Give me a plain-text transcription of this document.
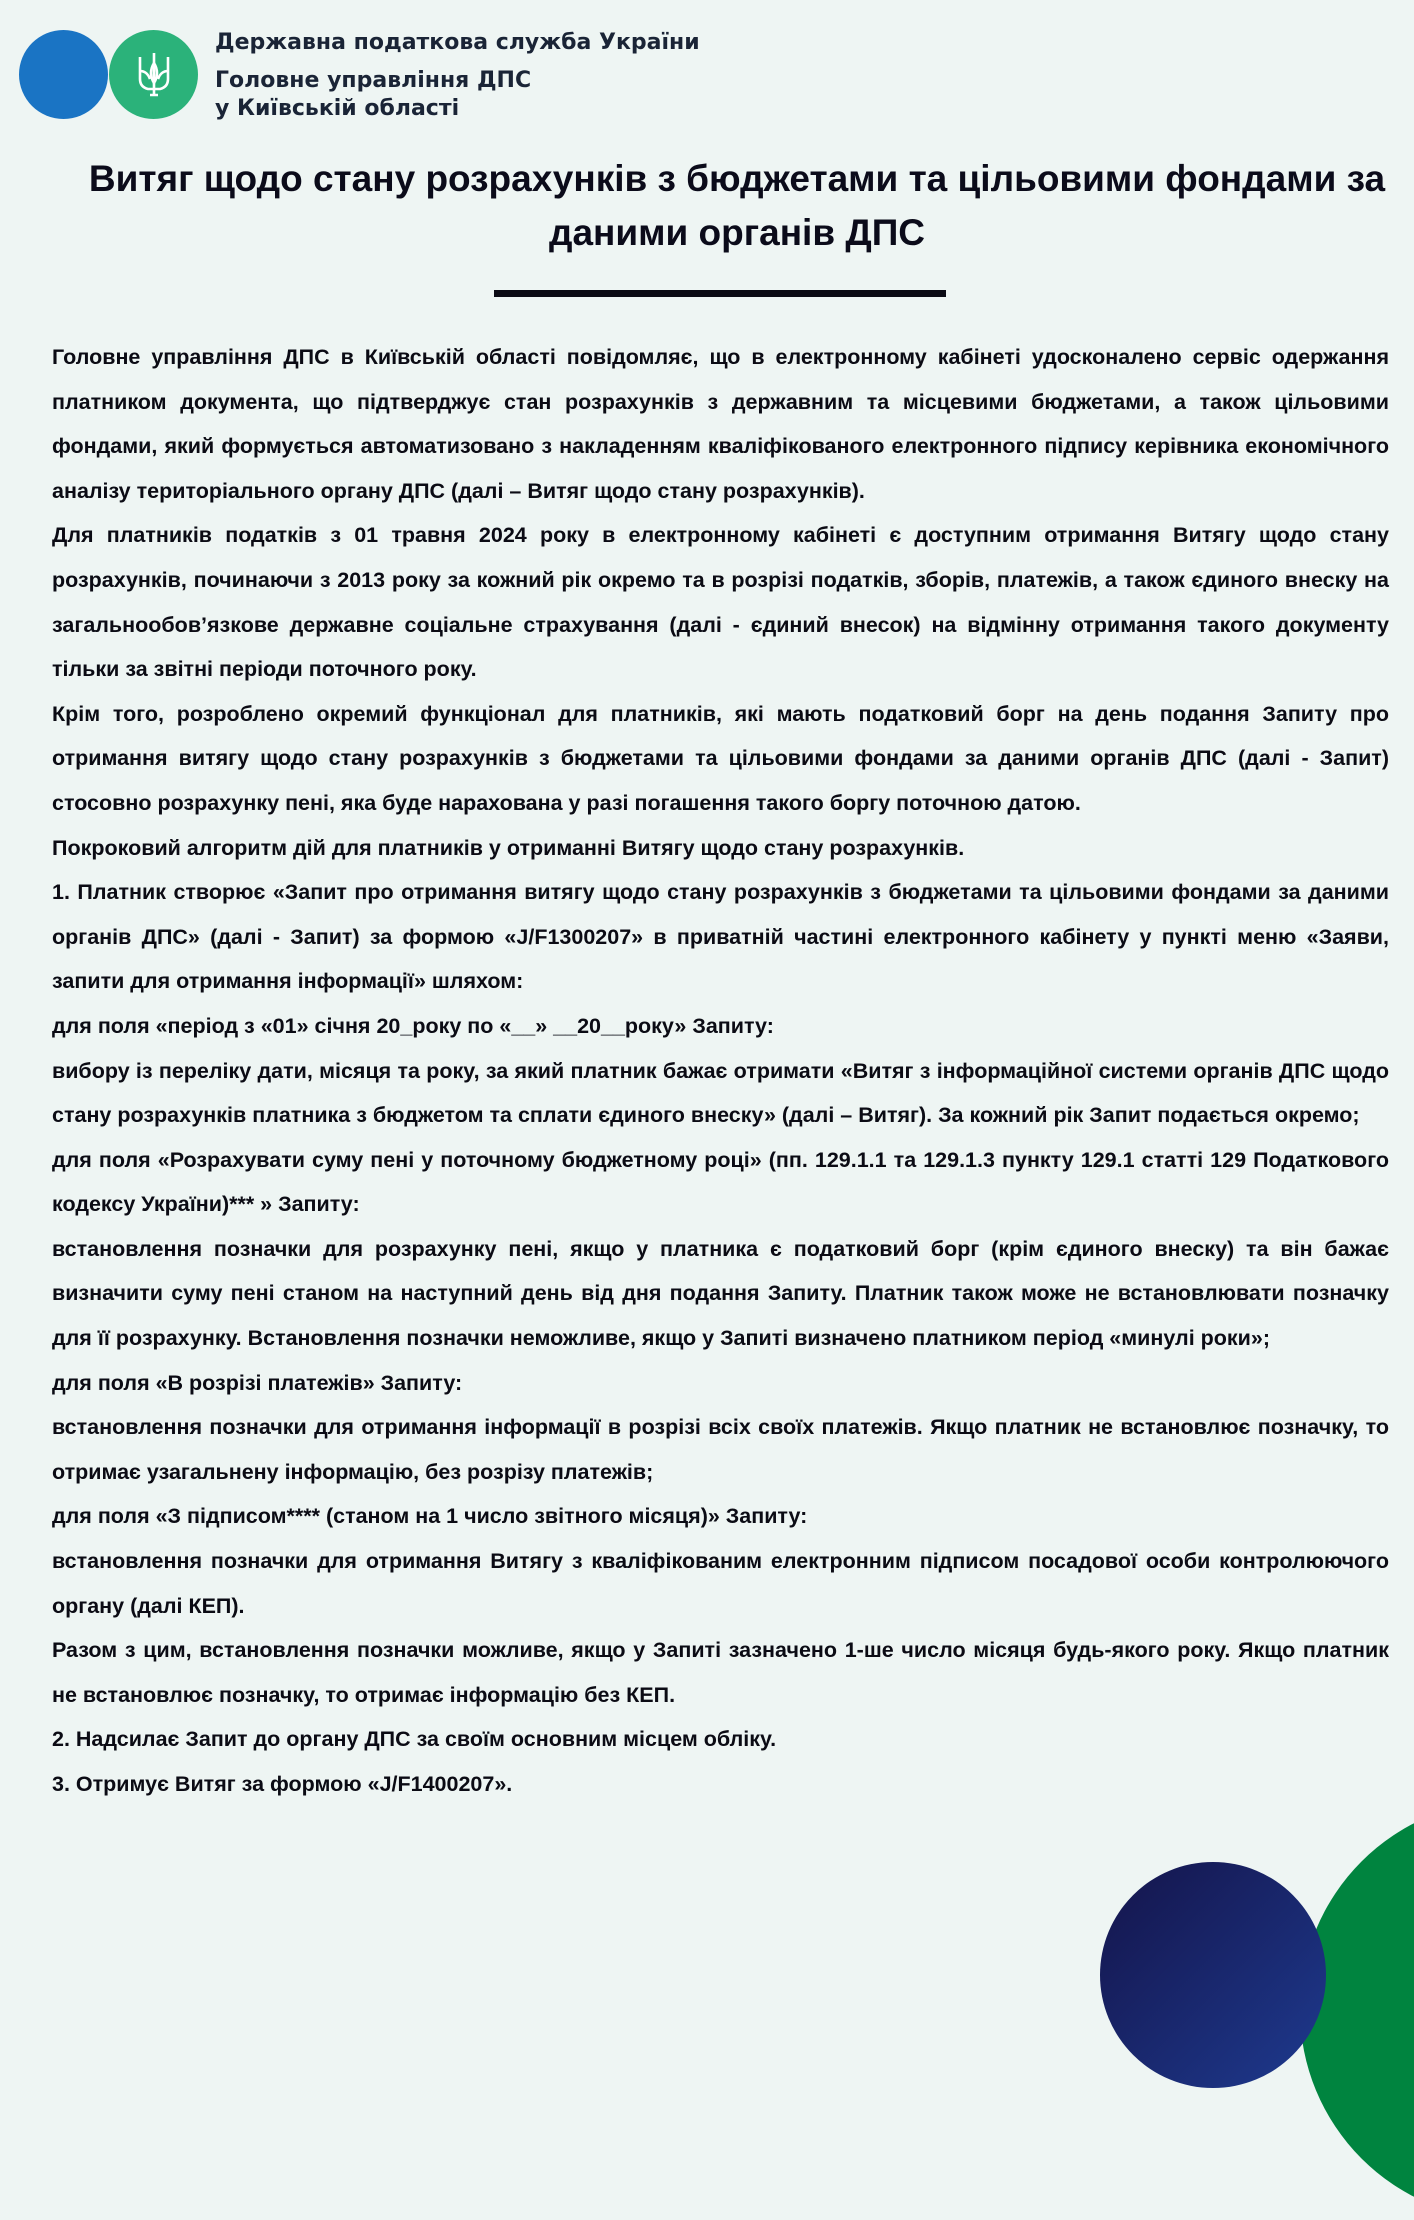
Державна податкова служба України
Головне управління ДПС
у Київській області
Витяг щодо стану розрахунків з бюджетами та цільовими фондами за даними органів ДПС

Головне управління ДПС в Київській області повідомляє, що в електронному кабінеті удосконалено сервіс одержання платником документа, що підтверджує стан розрахунків з державним та місцевими бюджетами, а також цільовими фондами, який формується автоматизовано з накладенням кваліфікованого електронного підпису керівника економічного аналізу територіального органу ДПС (далі – Витяг щодо стану розрахунків).

Для платників податків з 01 травня 2024 року в електронному кабінеті є доступним отримання Витягу щодо стану розрахунків, починаючи з 2013 року за кожний рік окремо та в розрізі податків, зборів, платежів, а також єдиного внеску на загальнообов’язкове державне соціальне страхування (далі - єдиний внесок) на відмінну отримання такого документу тільки за звітні періоди поточного року.

Крім того, розроблено окремий функціонал для платників, які мають податковий борг на день подання Запиту про отримання витягу щодо стану розрахунків з бюджетами та цільовими фондами за даними органів ДПС (далі - Запит) стосовно розрахунку пені, яка буде нарахована у разі погашення такого боргу поточною датою.

Покроковий алгоритм дій для платників у отриманні Витягу щодо стану розрахунків.

1. Платник створює «Запит про отримання витягу щодо стану розрахунків з бюджетами та цільовими фондами за даними органів ДПС» (далі - Запит) за формою «J/F1300207» в приватній частині електронного кабінету у пункті меню «Заяви, запити для отримання інформації» шляхом:

для поля «період з «01» січня 20_року по «__» __20__року» Запиту:

вибору із переліку дати, місяця та року, за який платник бажає отримати «Витяг з інформаційної системи органів ДПС щодо стану розрахунків платника з бюджетом та сплати єдиного внеску» (далі – Витяг). За кожний рік Запит подається окремо;

для поля «Розрахувати суму пені у поточному бюджетному році» (пп. 129.1.1 та 129.1.3 пункту 129.1 статті 129 Податкового кодексу України)*** » Запиту:

встановлення позначки для розрахунку пені, якщо у платника є податковий борг (крім єдиного внеску) та він бажає визначити суму пені станом на наступний день від дня подання Запиту. Платник також може не встановлювати позначку для її розрахунку. Встановлення позначки неможливе, якщо у Запиті визначено платником період «минулі роки»;

для поля «В розрізі платежів» Запиту:

встановлення позначки для отримання інформації в розрізі всіх своїх платежів. Якщо платник не встановлює позначку, то отримає узагальнену інформацію, без розрізу платежів;

для поля «З підписом**** (станом на 1 число звітного місяця)» Запиту:

встановлення позначки для отримання Витягу з кваліфікованим електронним підписом посадової особи контролюючого органу (далі КЕП).

Разом з цим, встановлення позначки можливе, якщо у Запиті зазначено 1-ше число місяця будь-якого року. Якщо платник не встановлює позначку, то отримає інформацію без КЕП.

2. Надсилає Запит до органу ДПС за своїм основним місцем обліку.

3. Отримує Витяг за формою «J/F1400207».
